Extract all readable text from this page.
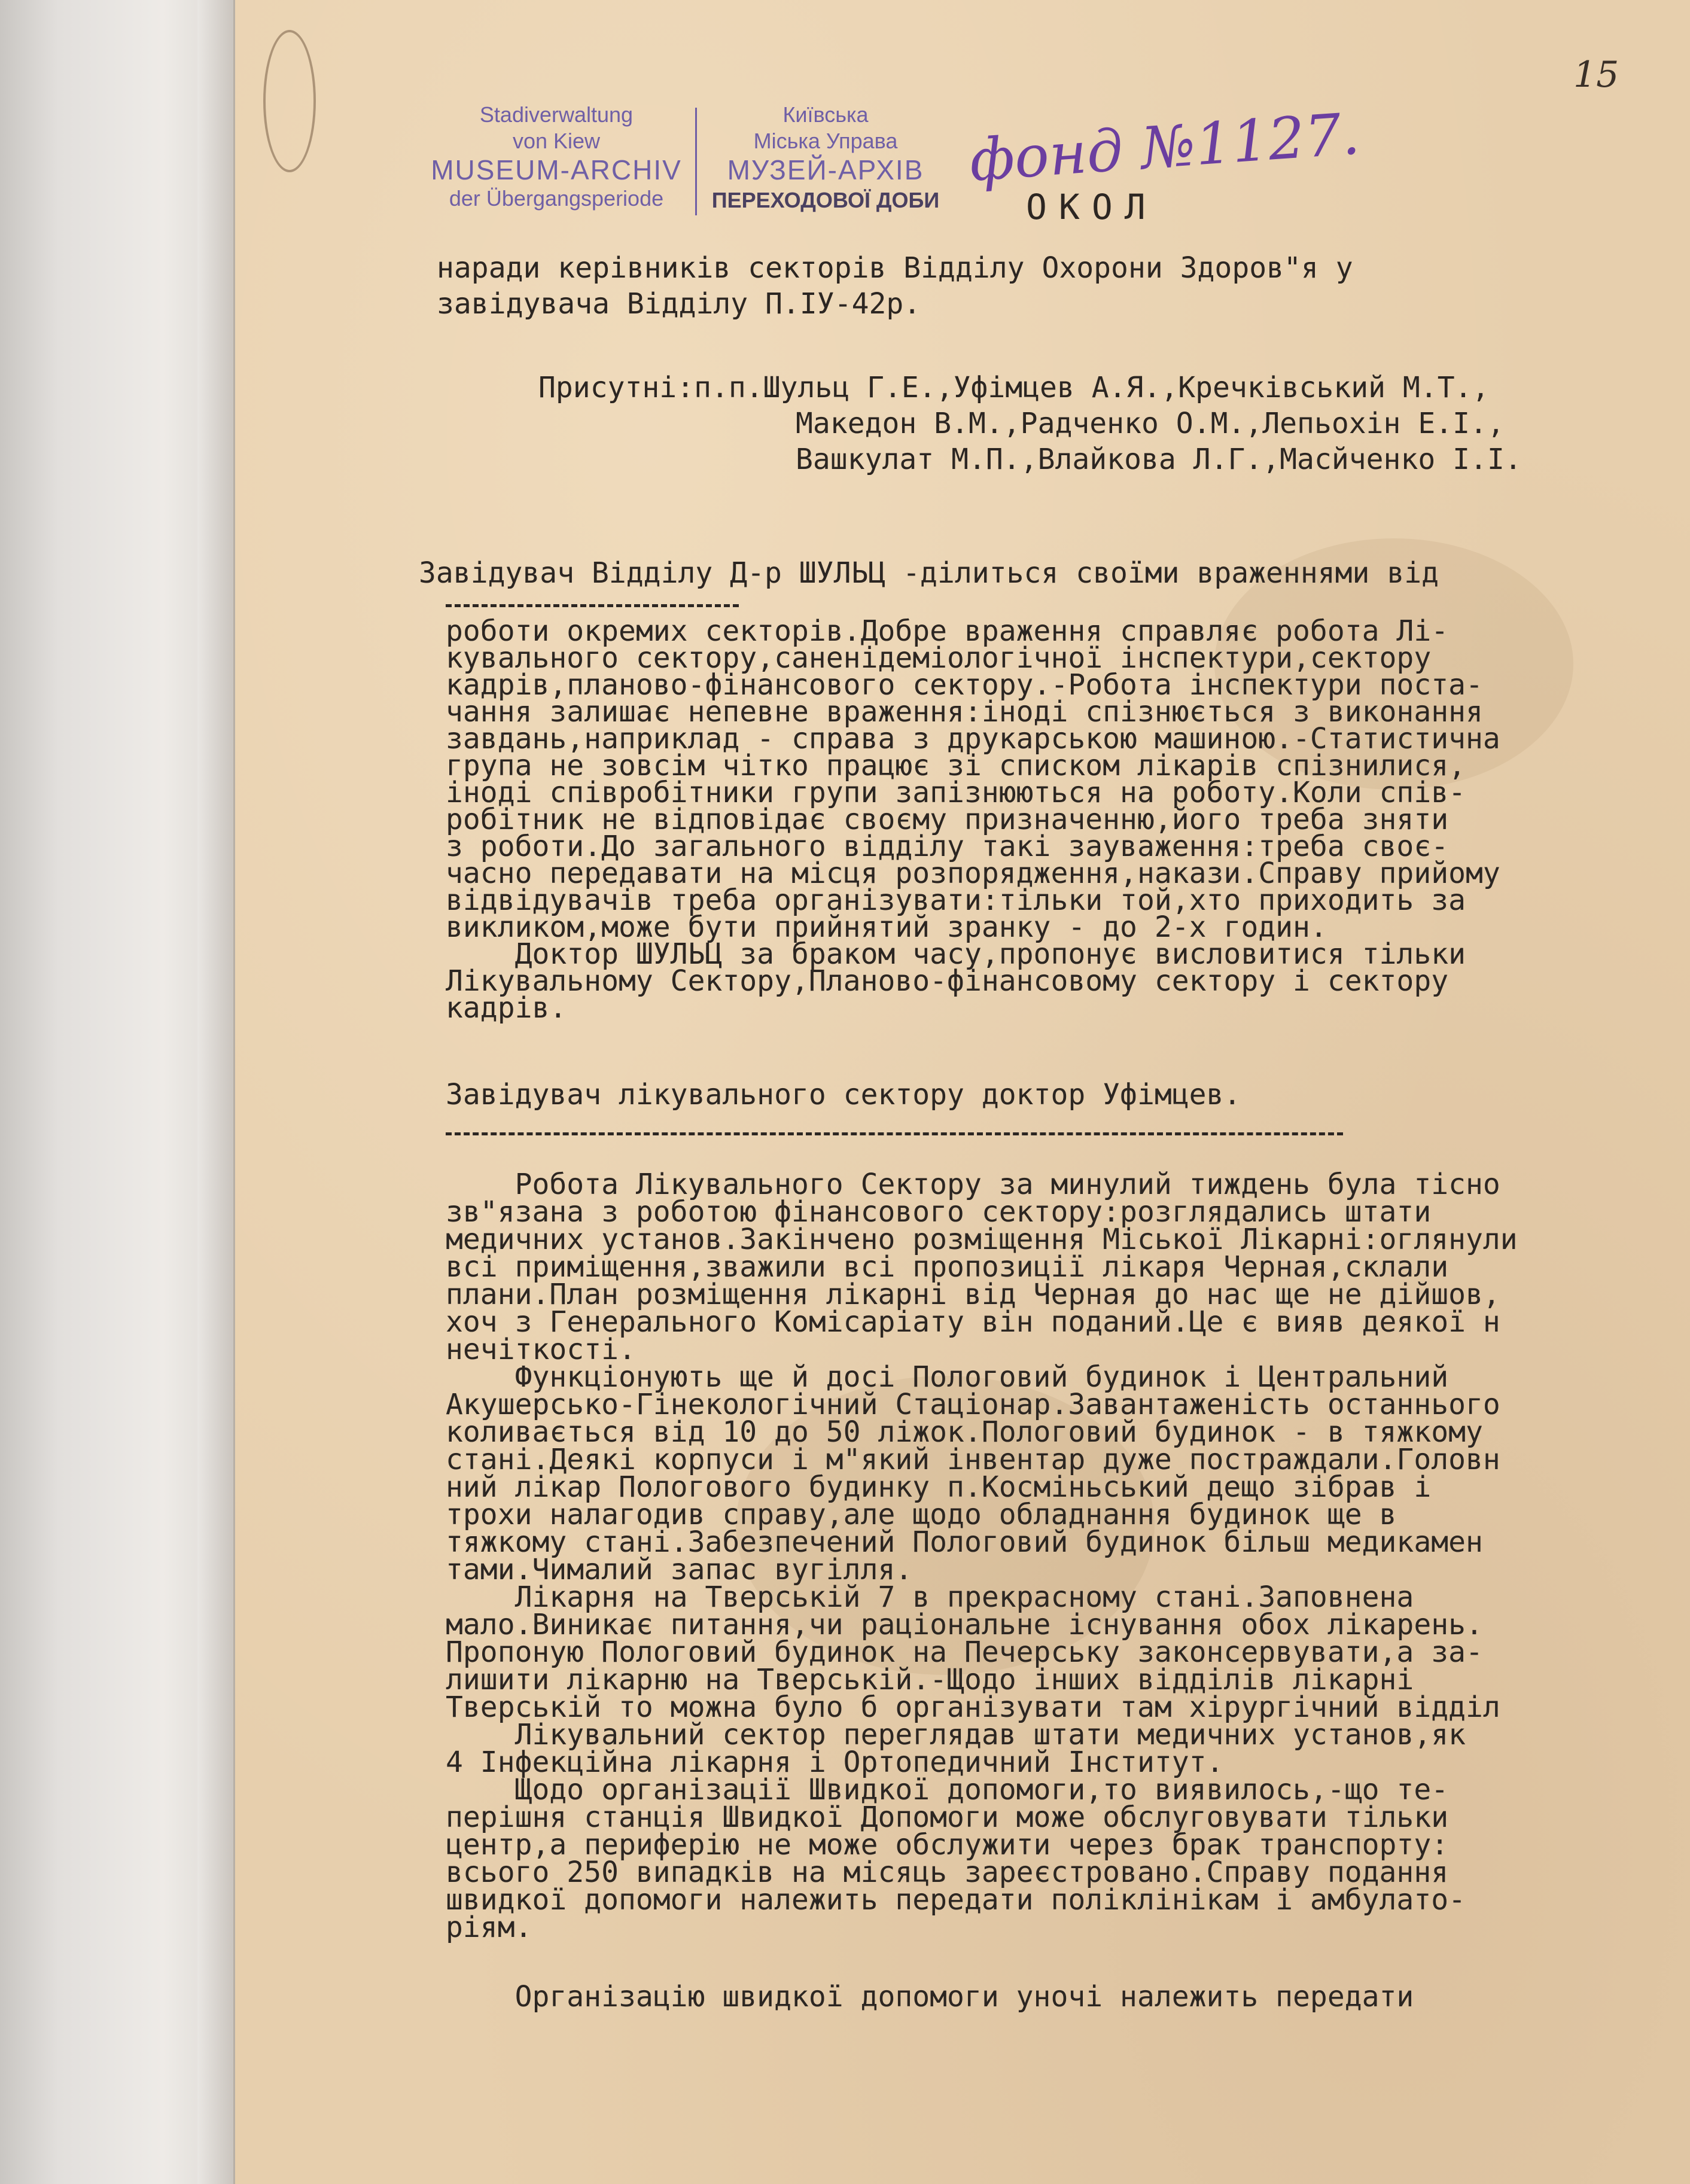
15
Stadiverwaltung
von Kiew
MUSEUM-ARCHIV
der Übergangsperiode
Київська
Міська Управа
МУЗЕЙ-АРХІВ
ПЕРЕХОДОВОЇ ДОБИ
фонд №1127.
ОКОЛ
наради керівників секторів Відділу Охорони Здоров"я у
завідувача Відділу П.ІУ-42р.
Присутні:п.п.Шульц Г.Е.,Уфімцев А.Я.,Кречківський М.Т.,
Македон В.М.,Радченко О.М.,Лепьохін Е.І.,
Вашкулат М.П.,Влайкова Л.Г.,Масйченко І.І.
Завідувач Відділу Д-р ШУЛЬЦ -ділиться своїми враженнями від
роботи окремих секторів.Добре враження справляє робота Лі-
кувального сектору,саненідеміологічної інспектури,сектору
кадрів,планово-фінансового сектору.-Робота інспектури поста-
чання залишає непевне враження:іноді спізнюється з виконання
завдань,наприклад - справа з друкарською машиною.-Статистична
група не зовсім чітко працює зі списком лікарів спізнилися,
іноді співробітники групи запізнюються на роботу.Коли спів-
робітник не відповідає своєму призначенню,його треба зняти
з роботи.До загального відділу такі зауваження:треба своє-
часно передавати на місця розпорядження,накази.Справу прийому
відвідувачів треба організувати:тільки той,хто приходить за
викликом,може бути прийнятий зранку - до 2-х годин.
Доктор ШУЛЬЦ за браком часу,пропонує висловитися тільки
Лікувальному Сектору,Планово-фінансовому сектору і сектору
кадрів.
Завідувач лікувального сектору доктор Уфімцев.
Робота Лікувального Сектору за минулий тиждень була тісно
зв"язана з роботою фінансового сектору:розглядались штати
медичних установ.Закінчено розміщення Міської Лікарні:оглянули
всі приміщення,зважили всі пропозиції лікаря Черная,склали
плани.План розміщення лікарні від Черная до нас ще не дійшов,
хоч з Генерального Комісаріату він поданий.Це є вияв деякої н
нечіткості.
Функціонують ще й досі Пологовий будинок і Центральний
Акушерсько-Гінекологічний Стаціонар.Завантаженість останнього
коливається від 10 до 50 ліжок.Пологовий будинок - в тяжкому
стані.Деякі корпуси і м"який інвентар дуже постраждали.Головн
ний лікар Пологового будинку п.Косміньський дещо зібрав і
трохи налагодив справу,але щодо обладнання будинок ще в
тяжкому стані.Забезпечений Пологовий будинок більш медикамен
тами.Чималий запас вугілля.
Лікарня на Тверській 7 в прекрасному стані.Заповнена
мало.Виникає питання,чи раціональне існування обох лікарень.
Пропоную Пологовий будинок на Печерську законсервувати,а за-
лишити лікарню на Тверській.-Щодо інших відділів лікарні
Тверській то можна було б організувати там хірургічний відділ
Лікувальний сектор переглядав штати медичних установ,як
4 Інфекційна лікарня і Ортопедичний Інститут.
Щодо організації Швидкої допомоги,то виявилось,-що те-
перішня станція Швидкої Допомоги може обслуговувати тільки
центр,а периферію не може обслужити через брак транспорту:
всього 250 випадків на місяць зареєстровано.Справу подання
швидкої допомоги належить передати поліклінікам і амбулато-
ріям.
Організацію швидкої допомоги уночі належить передати
